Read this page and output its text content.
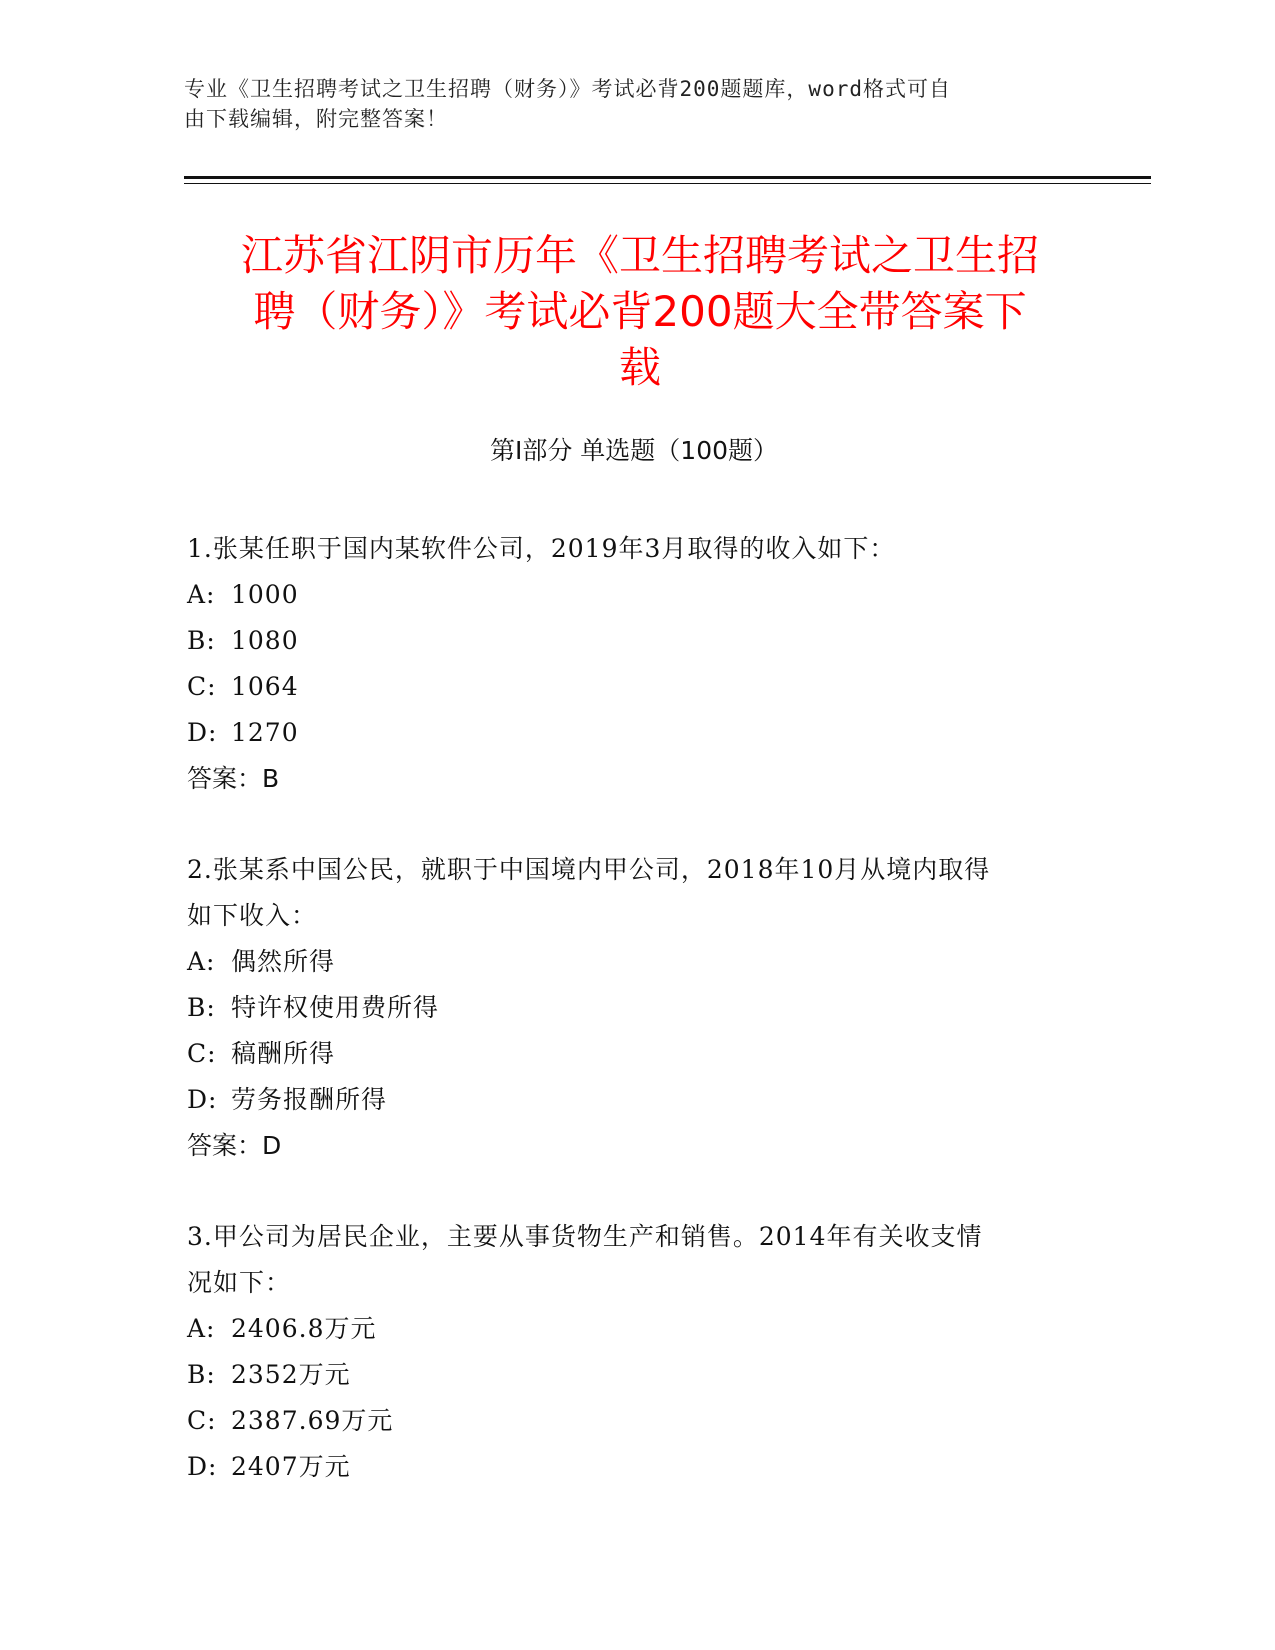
专业《卫生招聘考试之卫生招聘（财务）》考试必背200题题库，word格式可自
由下载编辑，附完整答案！
江苏省江阴市历年《卫生招聘考试之卫生招
聘（财务）》考试必背200题大全带答案下
载
第Ⅰ部分 单选题（100题）
1.张某任职于国内某软件公司，2019年3月取得的收入如下：
A: 1000
B: 1080
C: 1064
D: 1270
答案：B
2.张某系中国公民，就职于中国境内甲公司，2018年10月从境内取得
如下收入：
A: 偶然所得
B: 特许权使用费所得
C: 稿酬所得
D: 劳务报酬所得
答案：D
3.甲公司为居民企业，主要从事货物生产和销售。2014年有关收支情
况如下：
A: 2406.8万元
B: 2352万元
C: 2387.69万元
D: 2407万元
